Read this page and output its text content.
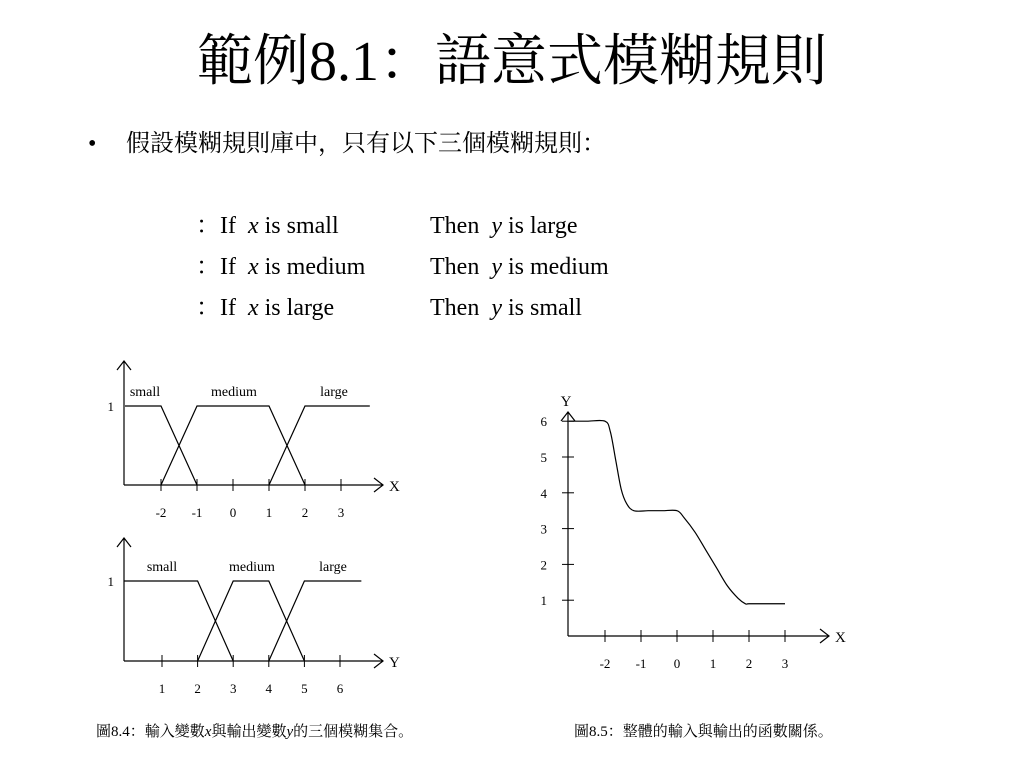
範例8.1：語意式模糊規則
• 假設模糊規則庫中，只有以下三個模糊規則：
：If  x is small	Then  y is large
：If  x is medium	Then  y is medium
：If  x is large	Then  y is small
X
-2 -1 0 1 2 3
1
small	medium	large
Y
1 2 3 4 5 6
1
small	medium	large
X
Y
-2 -1 0 1 2 3
1
2
3
4
5
6
圖8.4：輸入變數x與輸出變數y的三個模糊集合。	圖8.5：整體的輸入與輸出的函數關係。
